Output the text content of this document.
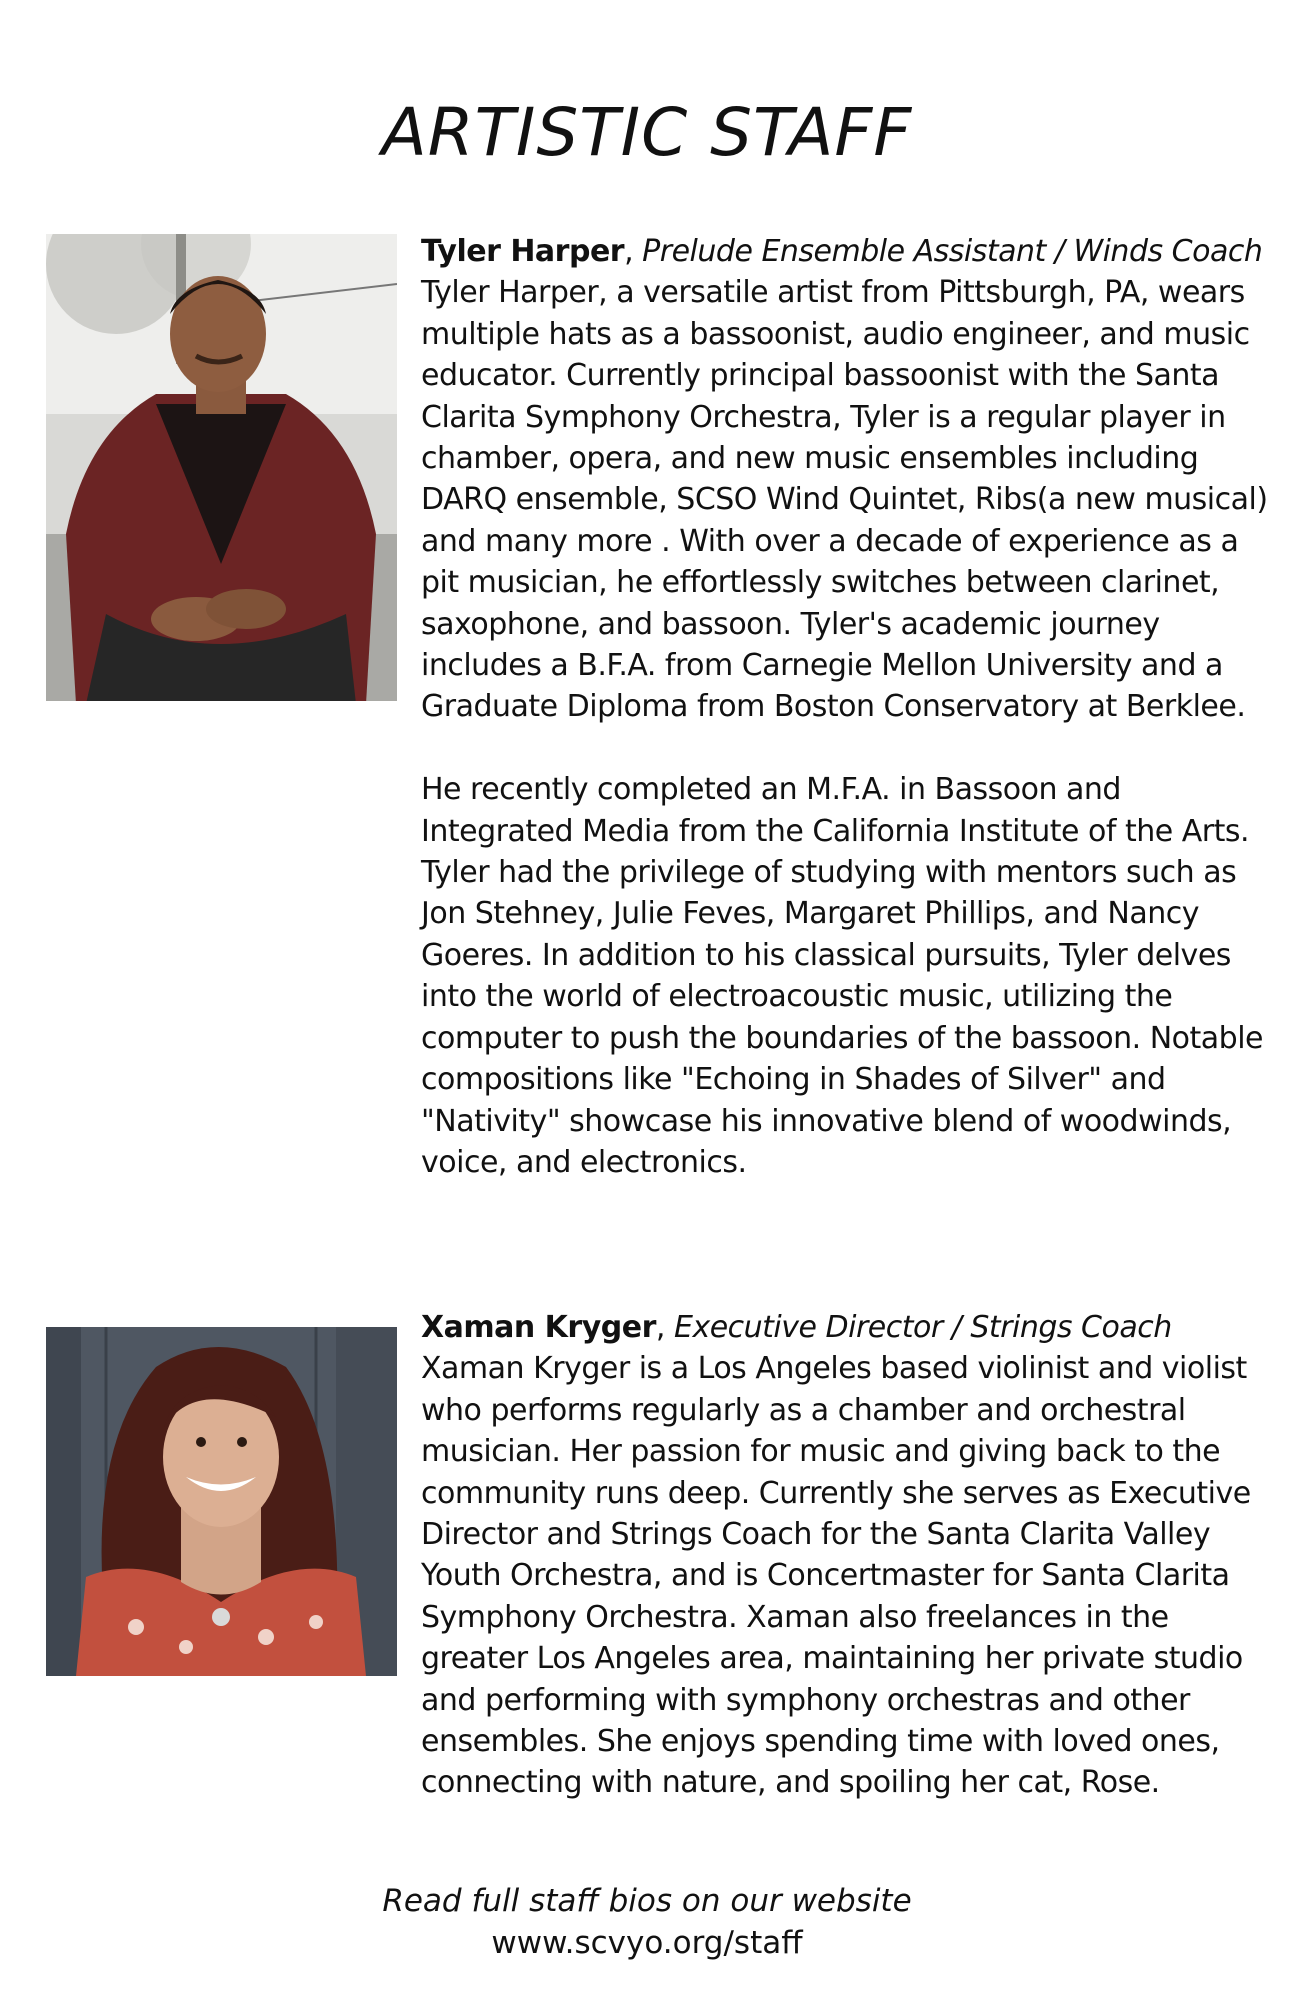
ARTISTIC STAFF

Tyler Harper, Prelude Ensemble Assistant / Winds Coach
Tyler Harper, a versatile artist from Pittsburgh, PA, wears multiple hats as a bassoonist, audio engineer, and music educator. Currently principal bassoonist with the Santa Clarita Symphony Orchestra, Tyler is a regular player in chamber, opera, and new music ensembles including DARQ ensemble, SCSO Wind Quintet, Ribs(a new musical) and many more . With over a decade of experience as a pit musician, he effortlessly switches between clarinet, saxophone, and bassoon. Tyler's academic journey includes a B.F.A. from Carnegie Mellon University and a Graduate Diploma from Boston Conservatory at Berklee.

He recently completed an M.F.A. in Bassoon and Integrated Media from the California Institute of the Arts. Tyler had the privilege of studying with mentors such as Jon Stehney, Julie Feves, Margaret Phillips, and Nancy Goeres. In addition to his classical pursuits, Tyler delves into the world of electroacoustic music, utilizing the computer to push the boundaries of the bassoon. Notable compositions like "Echoing in Shades of Silver" and "Nativity" showcase his innovative blend of woodwinds, voice, and electronics.

Xaman Kryger, Executive Director / Strings Coach
Xaman Kryger is a Los Angeles based violinist and violist who performs regularly as a chamber and orchestral musician. Her passion for music and giving back to the community runs deep. Currently she serves as Executive Director and Strings Coach for the Santa Clarita Valley Youth Orchestra, and is Concertmaster for Santa Clarita Symphony Orchestra. Xaman also freelances in the greater Los Angeles area, maintaining her private studio and performing with symphony orchestras and other ensembles. She enjoys spending time with loved ones, connecting with nature, and spoiling her cat, Rose.

Read full staff bios on our website
www.scvyo.org/staff
